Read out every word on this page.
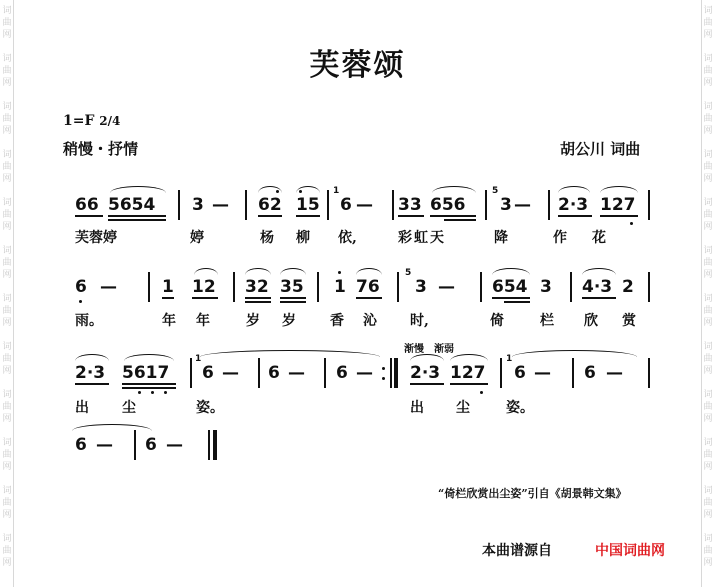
词
曲
网
词
曲
网
词
曲
网
词
曲
网
词
曲
网
词
曲
网
词
曲
网
词
曲
网
词
曲
网
词
曲
网
词
曲
网
词
曲
网
词
曲
网
词
曲
网
词
曲
网
词
曲
网
词
曲
网
词
曲
网
词
曲
网
词
曲
网
词
曲
网
词
曲
网
词
曲
网
词
曲
网
芙蓉颂
1=F 2/4
稍慢・抒情	胡公川 词曲
66 5654 3 — 62 15
1
6 — 33 656
5
3 — 2·3 127
芙 蓉 婷	婷	杨 柳 依,	彩 虹 天	降	作 花
6 —	1 12 32 35 1 76
5
3 — 654 3 4·3 2
雨。	年 年	岁 岁 香 沁 时,	倚	栏 欣 赏
2·3 5617
1
6 — 6 — 6 —
渐慢 渐弱
2·3 127
1
6 — 6 —
出 尘	姿。	出 尘	姿。
6 — 6 —
“倚栏欣赏出尘姿”引自《胡景韩文集》
本曲谱源自	中国词曲网
